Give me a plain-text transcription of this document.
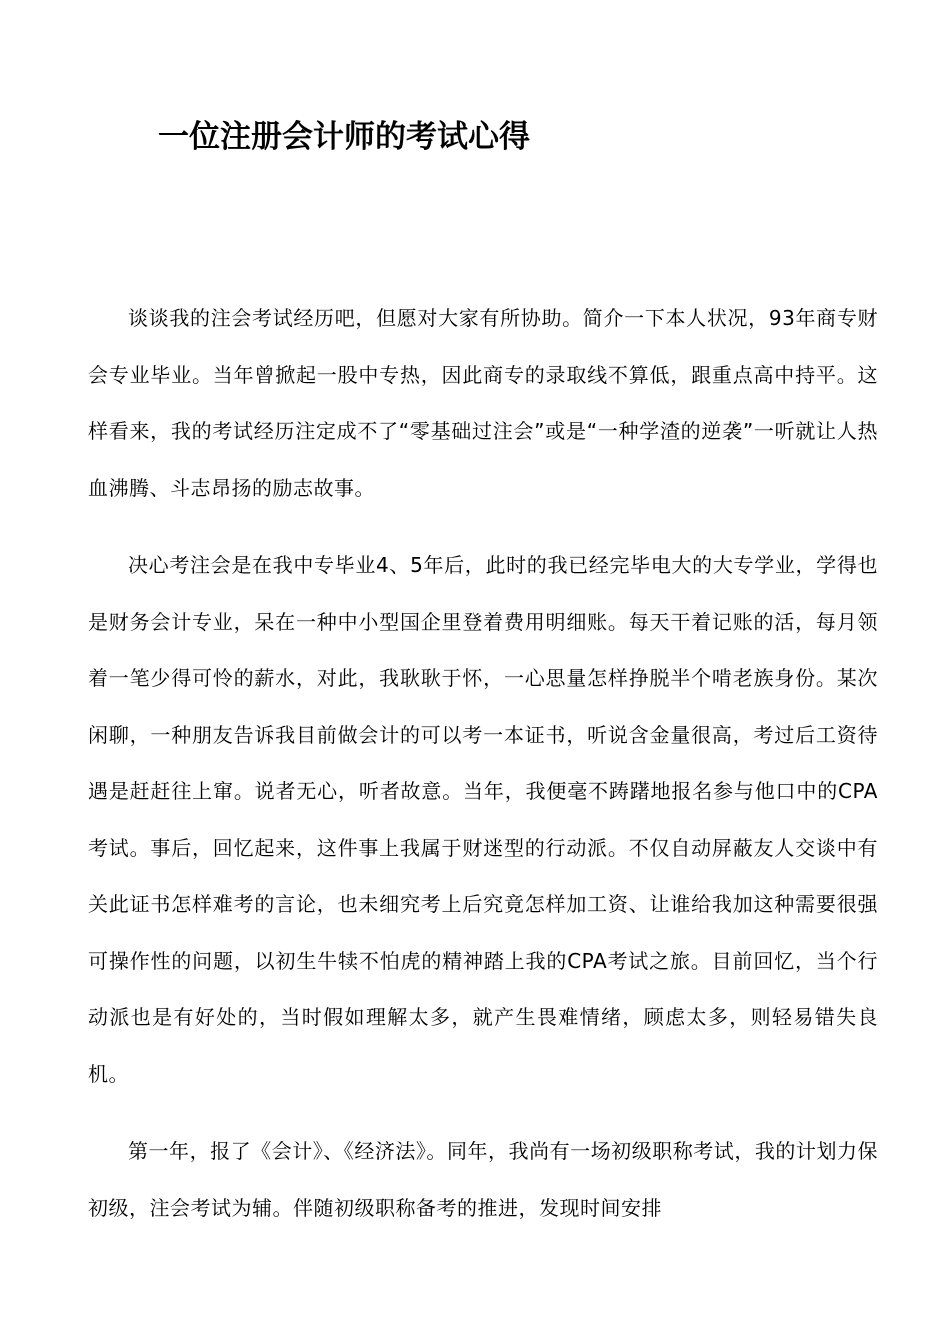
一位注册会计师的考试心得

谈谈我的注会考试经历吧，但愿对大家有所协助。简介一下本人状况，93年商专财会专业毕业。当年曾掀起一股中专热，因此商专的录取线不算低，跟重点高中持平。这样看来，我的考试经历注定成不了“零基础过注会”或是“一种学渣的逆袭”一听就让人热血沸腾、斗志昂扬的励志故事。

决心考注会是在我中专毕业4、5年后，此时的我已经完毕电大的大专学业，学得也是财务会计专业，呆在一种中小型国企里登着费用明细账。每天干着记账的活，每月领着一笔少得可怜的薪水，对此，我耿耿于怀，一心思量怎样挣脱半个啃老族身份。某次闲聊，一种朋友告诉我目前做会计的可以考一本证书，听说含金量很高，考过后工资待遇是赶赶往上窜。说者无心，听者故意。当年，我便毫不踌躇地报名参与他口中的CPA考试。事后，回忆起来，这件事上我属于财迷型的行动派。不仅自动屏蔽友人交谈中有关此证书怎样难考的言论，也未细究考上后究竟怎样加工资、让谁给我加这种需要很强可操作性的问题，以初生牛犊不怕虎的精神踏上我的CPA考试之旅。目前回忆，当个行动派也是有好处的，当时假如理解太多，就产生畏难情绪，顾虑太多，则轻易错失良机。

第一年，报了《会计》、《经济法》。同年，我尚有一场初级职称考试，我的计划力保初级，注会考试为辅。伴随初级职称备考的推进，发现时间安排
